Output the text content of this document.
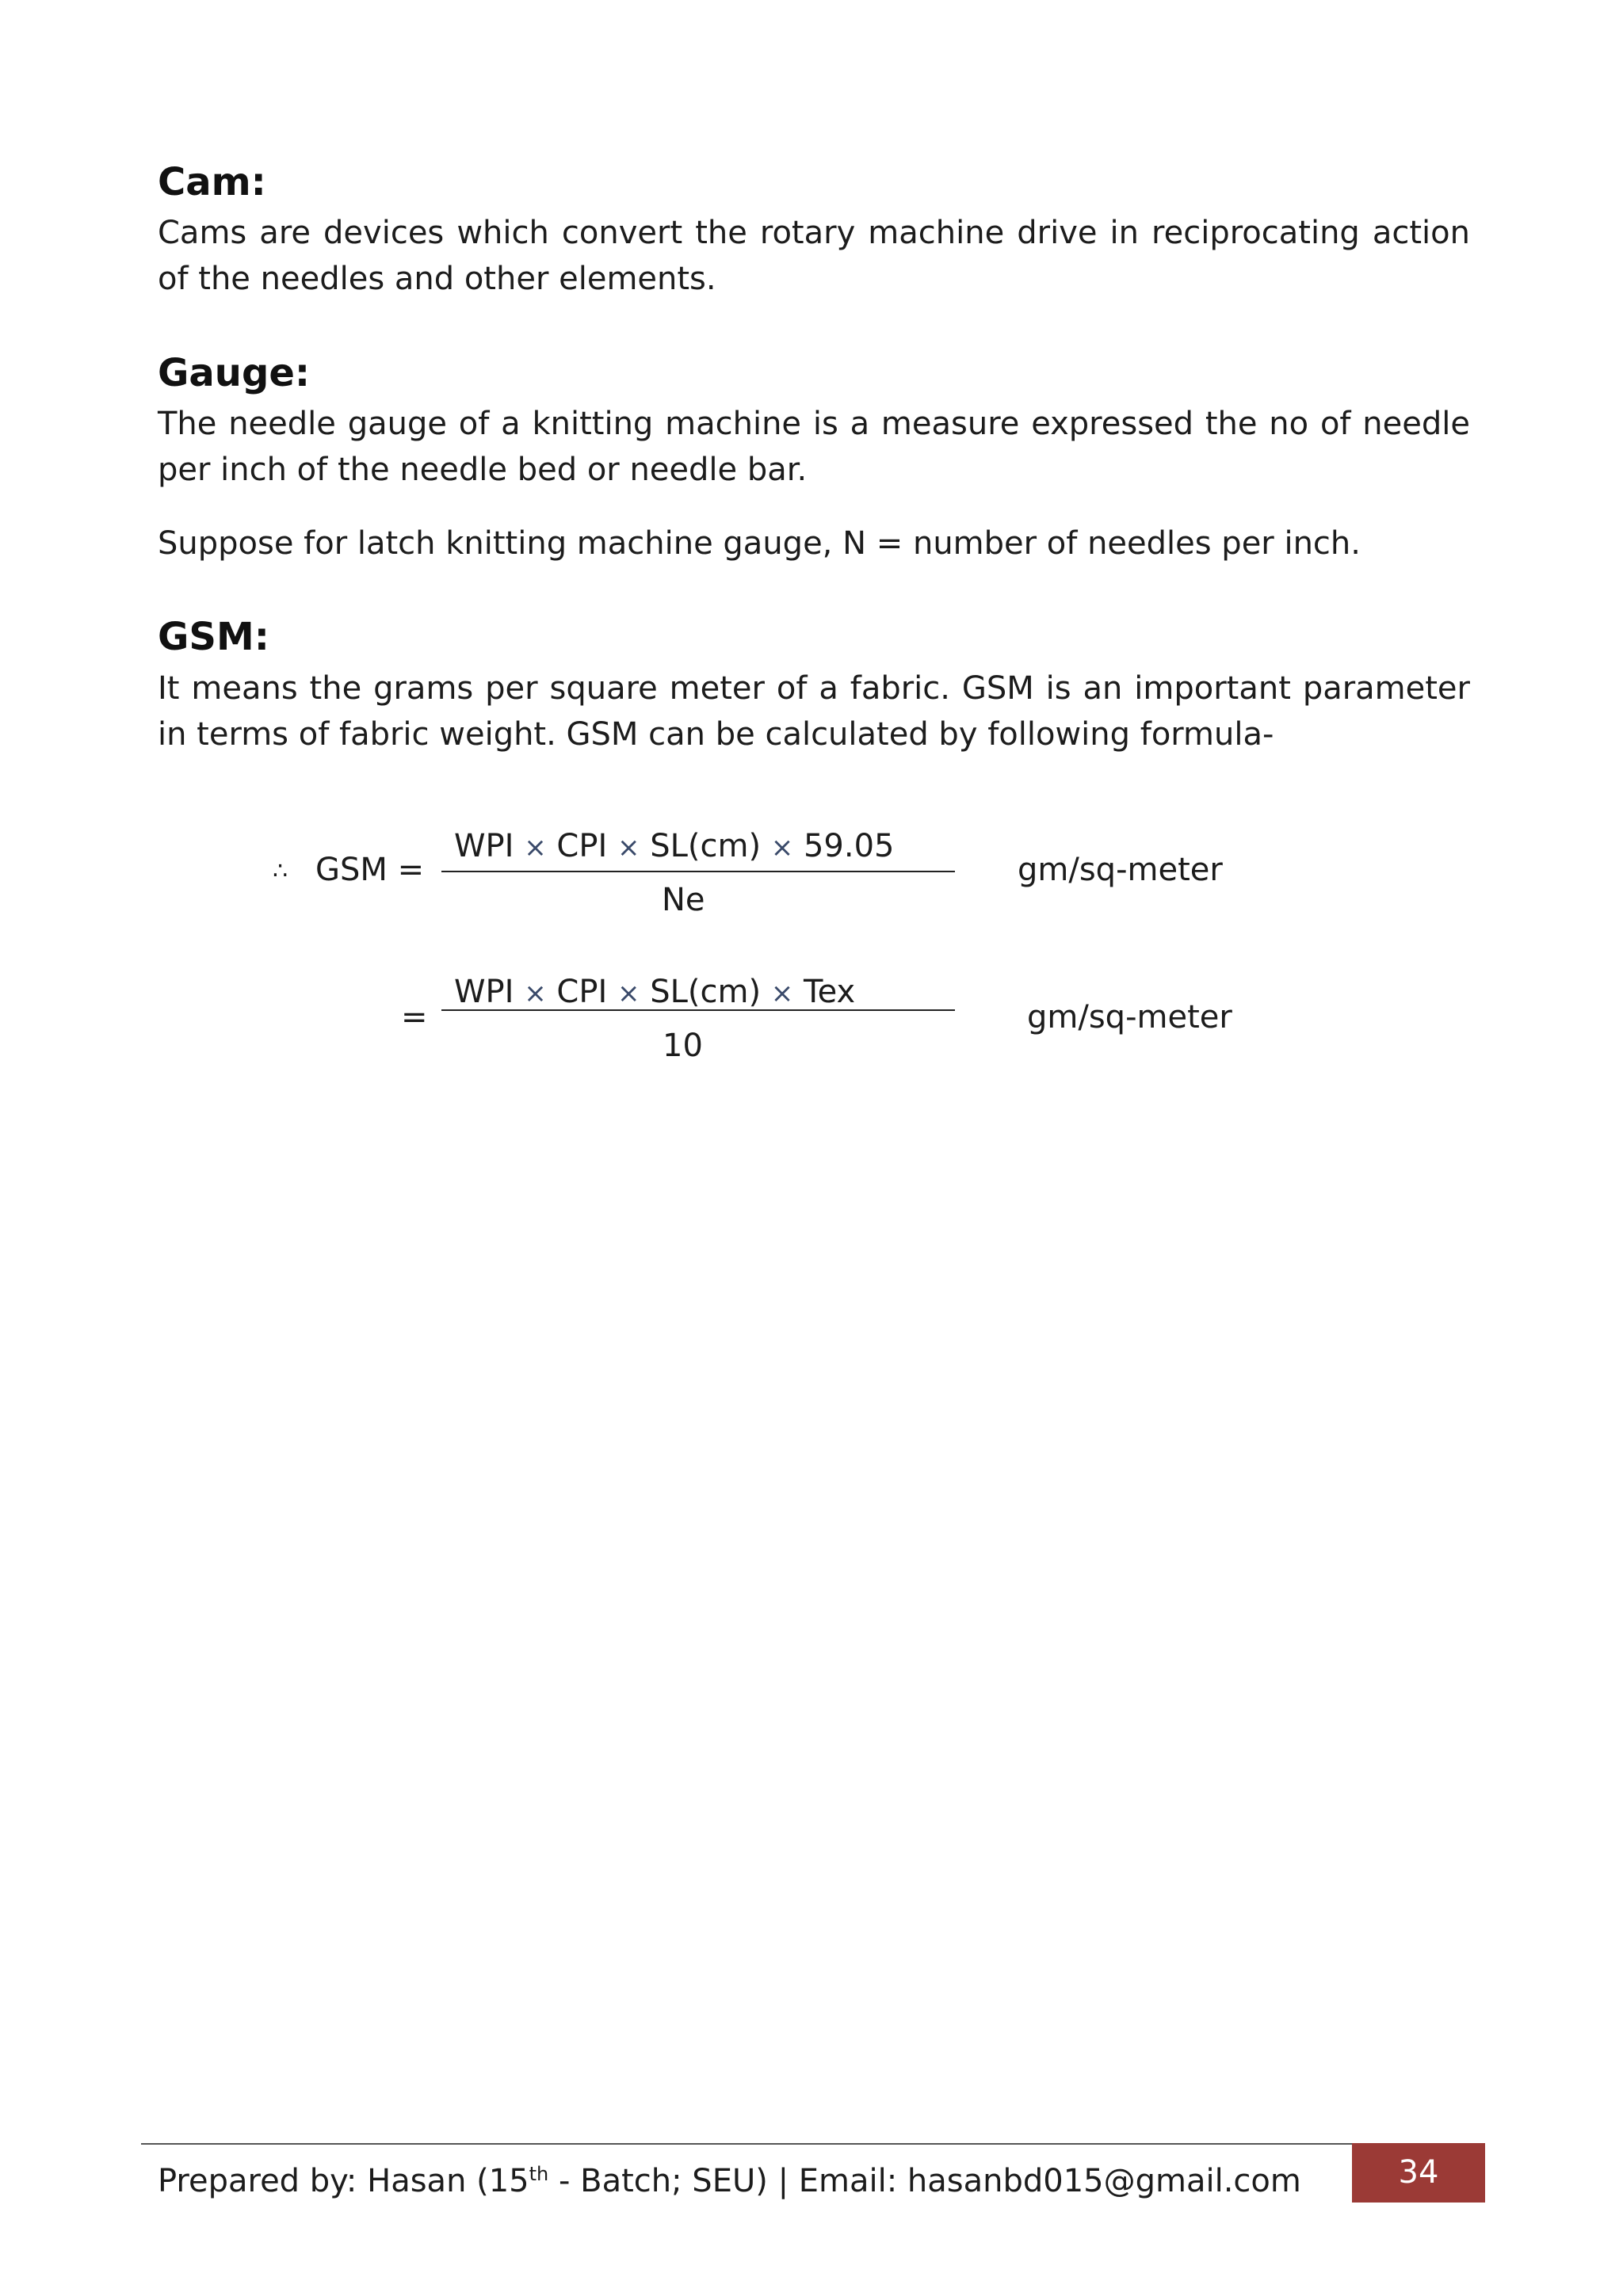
Cam:

Cams are devices which convert the rotary machine drive in reciprocating action of the needles and other elements.

Gauge:

The needle gauge of a knitting machine is a measure expressed the no of needle per inch of the needle bed or needle bar.

Suppose for latch knitting machine gauge, N = number of needles per inch.

GSM:

It means the grams per square meter of a fabric. GSM is an important parameter in terms of fabric weight. GSM can be calculated by following formula-

∴ GSM =
WPI × CPI × SL(cm) × 59.05
Ne
gm/sq-meter
=
WPI × CPI × SL(cm) × Tex
10
gm/sq-meter
Prepared by: Hasan (15th - Batch; SEU) | Email: hasanbd015@gmail.com	34
